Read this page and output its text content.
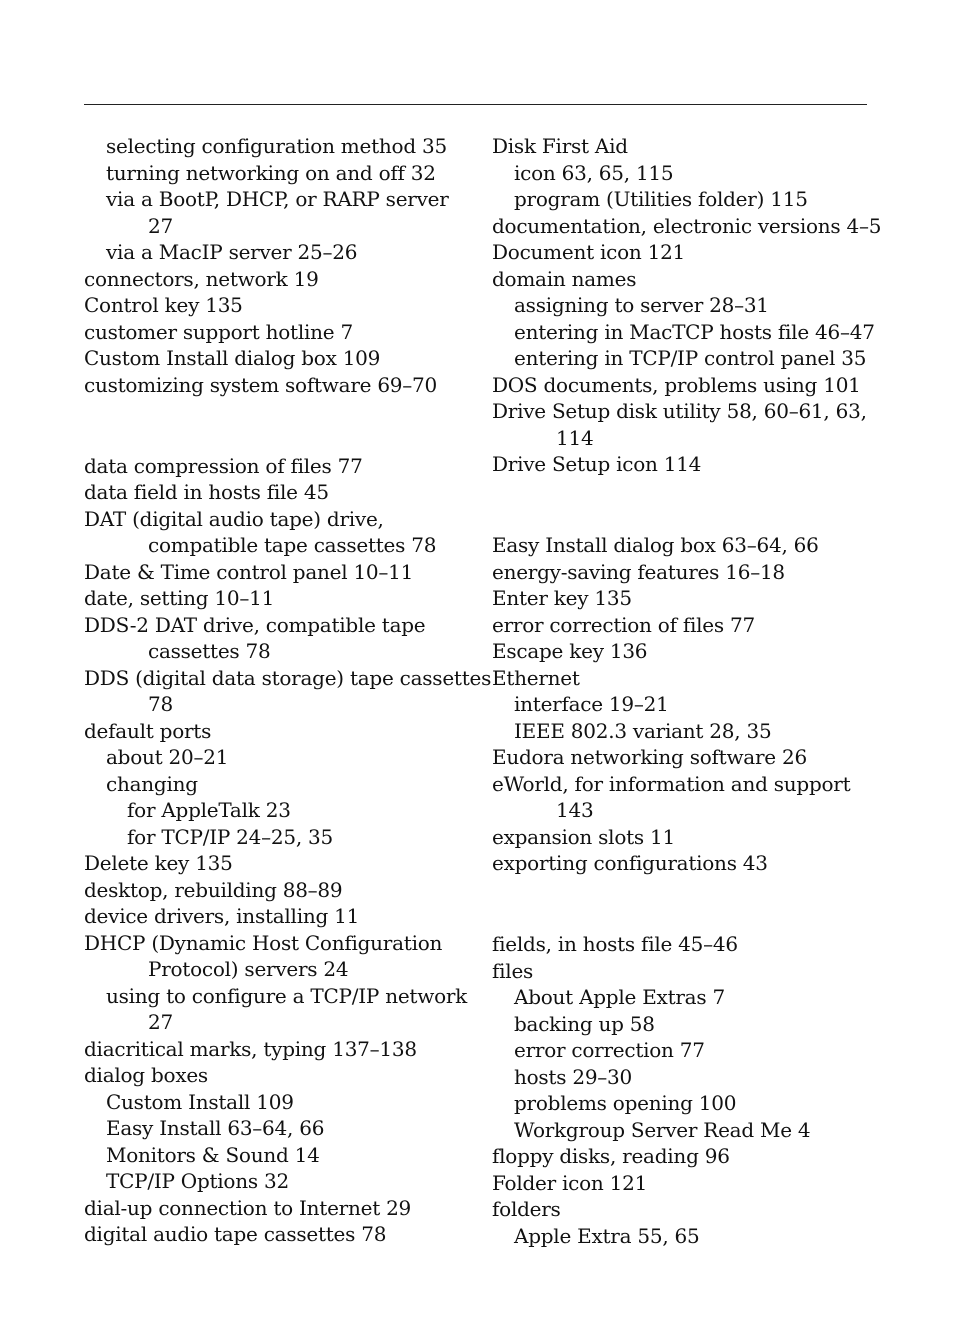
selecting configuration method 35
turning networking on and off 32
via a BootP, DHCP, or RARP server
27
via a MacIP server 25–26
connectors, network 19
Control key 135
customer support hotline 7
Custom Install dialog box 109
customizing system software 69–70
data compression of files 77
data field in hosts file 45
DAT (digital audio tape) drive,
compatible tape cassettes 78
Date & Time control panel 10–11
date, setting 10–11
DDS-2 DAT drive, compatible tape
cassettes 78
DDS (digital data storage) tape cassettes
78
default ports
about 20–21
changing
for AppleTalk 23
for TCP/IP 24–25, 35
Delete key 135
desktop, rebuilding 88–89
device drivers, installing 11
DHCP (Dynamic Host Configuration
Protocol) servers 24
using to configure a TCP/IP network
27
diacritical marks, typing 137–138
dialog boxes
Custom Install 109
Easy Install 63–64, 66
Monitors & Sound 14
TCP/IP Options 32
dial-up connection to Internet 29
digital audio tape cassettes 78
Disk First Aid
icon 63, 65, 115
program (Utilities folder) 115
documentation, electronic versions 4–5
Document icon 121
domain names
assigning to server 28–31
entering in MacTCP hosts file 46–47
entering in TCP/IP control panel 35
DOS documents, problems using 101
Drive Setup disk utility 58, 60–61, 63,
114
Drive Setup icon 114
Easy Install dialog box 63–64, 66
energy-saving features 16–18
Enter key 135
error correction of files 77
Escape key 136
Ethernet
interface 19–21
IEEE 802.3 variant 28, 35
Eudora networking software 26
eWorld, for information and support
143
expansion slots 11
exporting configurations 43
fields, in hosts file 45–46
files
About Apple Extras 7
backing up 58
error correction 77
hosts 29–30
problems opening 100
Workgroup Server Read Me 4
floppy disks, reading 96
Folder icon 121
folders
Apple Extra 55, 65
